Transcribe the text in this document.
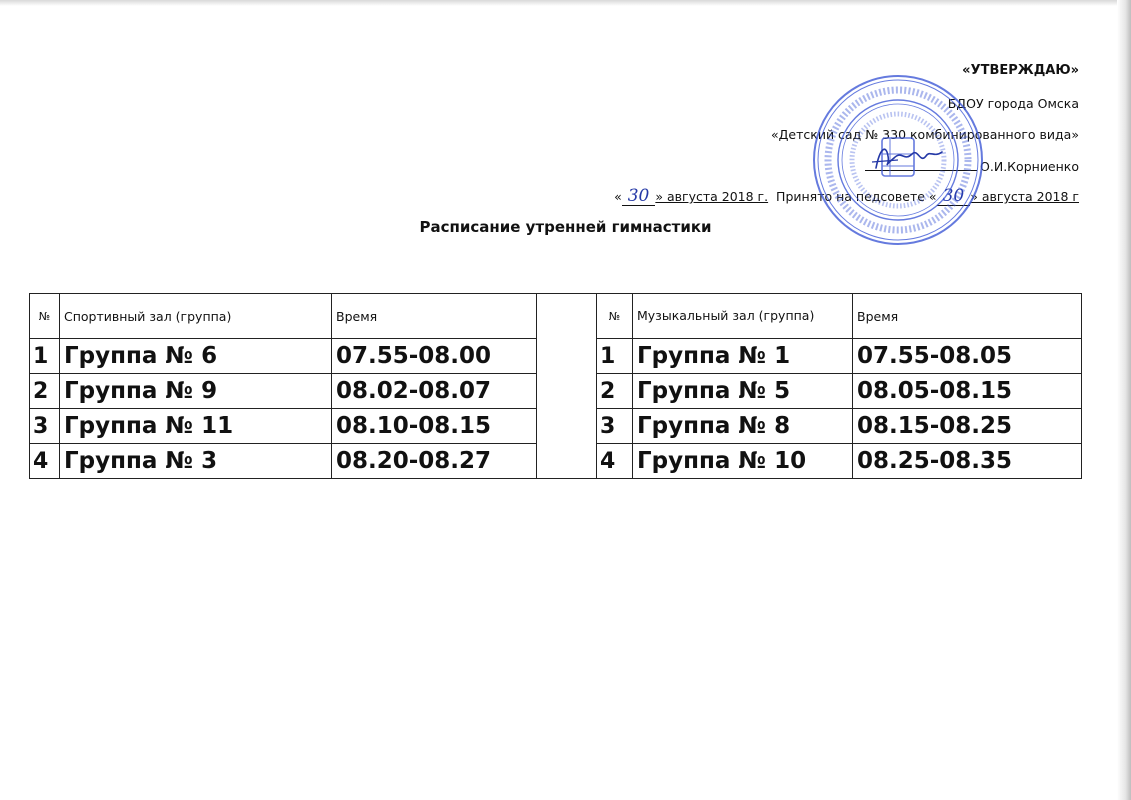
«УТВЕРЖДАЮ»
БДОУ города Омска
«Детский сад № 330 комбинированного вида»
О.И.Корниенко
« 30 » августа 2018 г. Принято на педсовете « 30 » августа 2018 г
Расписание утренней гимнастики
№	Спортивный зал (группа)	Время		№	Музыкальный зал (группа)	Время
1	Группа № 6	07.55-08.00		1	Группа № 1	07.55-08.05
2	Группа № 9	08.02-08.07		2	Группа № 5	08.05-08.15
3	Группа № 11	08.10-08.15		3	Группа № 8	08.15-08.25
4	Группа № 3	08.20-08.27		4	Группа № 10	08.25-08.35
